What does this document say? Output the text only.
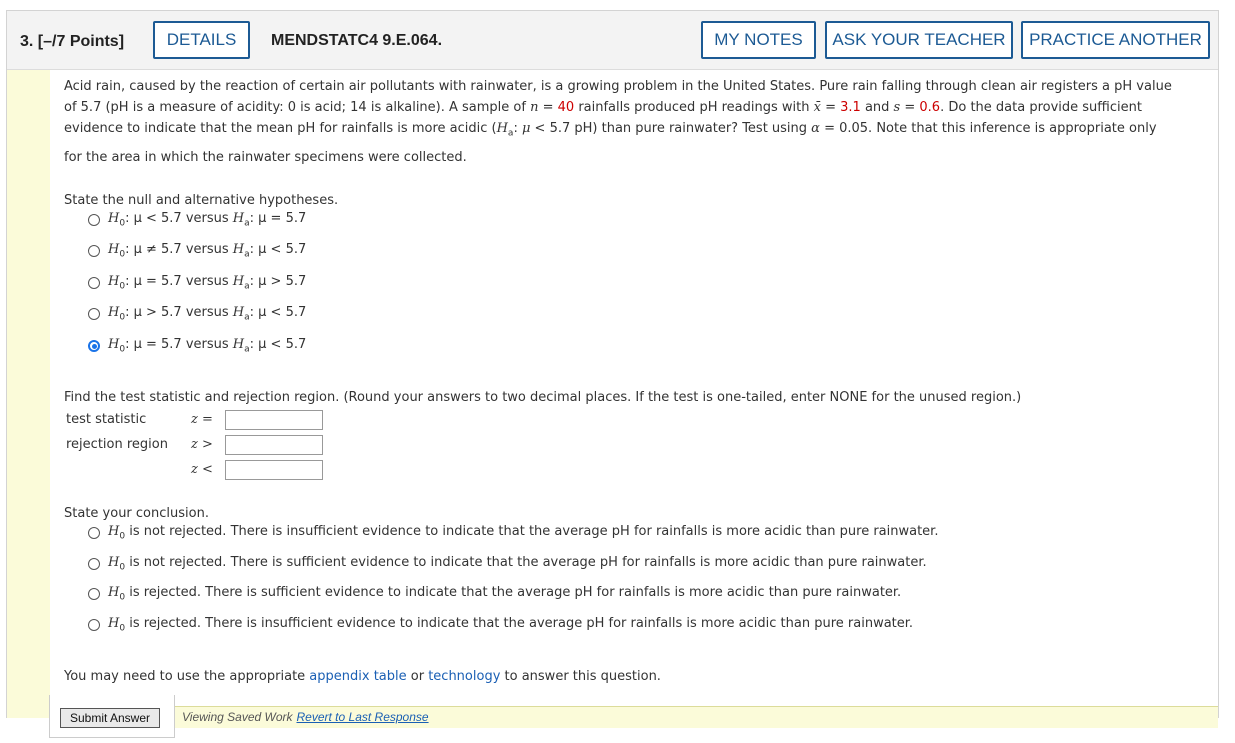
3. [–/7 Points]	DETAILS	MENDSTATC4 9.E.064.	MY NOTES	ASK YOUR TEACHER	PRACTICE ANOTHER
Acid rain, caused by the reaction of certain air pollutants with rainwater, is a growing problem in the United States. Pure rain falling through clean air registers a pH value
of 5.7 (pH is a measure of acidity: 0 is acid; 14 is alkaline). A sample of n = 40 rainfalls produced pH readings with x̄ = 3.1 and s = 0.6. Do the data provide sufficient
evidence to indicate that the mean pH for rainfalls is more acidic ($H_a$: μ < 5.7 pH) than pure rainwater? Test using α = 0.05. Note that this inference is appropriate only
for the area in which the rainwater specimens were collected.
State the null and alternative hypotheses.
$H_0$: μ < 5.7 versus $H_a$: μ = 5.7
$H_0$: μ ≠ 5.7 versus $H_a$: μ < 5.7
$H_0$: μ = 5.7 versus $H_a$: μ > 5.7
$H_0$: μ > 5.7 versus $H_a$: μ < 5.7
$H_0$: μ = 5.7 versus $H_a$: μ < 5.7
Find the test statistic and rejection region. (Round your answers to two decimal places. If the test is one-tailed, enter NONE for the unused region.)
test statistic	z =
rejection region z >
z <
State your conclusion.
$H_0$ is not rejected. There is insufficient evidence to indicate that the average pH for rainfalls is more acidic than pure rainwater.
$H_0$ is not rejected. There is sufficient evidence to indicate that the average pH for rainfalls is more acidic than pure rainwater.
$H_0$ is rejected. There is sufficient evidence to indicate that the average pH for rainfalls is more acidic than pure rainwater.
$H_0$ is rejected. There is insufficient evidence to indicate that the average pH for rainfalls is more acidic than pure rainwater.
You may need to use the appropriate appendix table or technology to answer this question.
Viewing Saved Work Revert to Last Response
Submit Answer
